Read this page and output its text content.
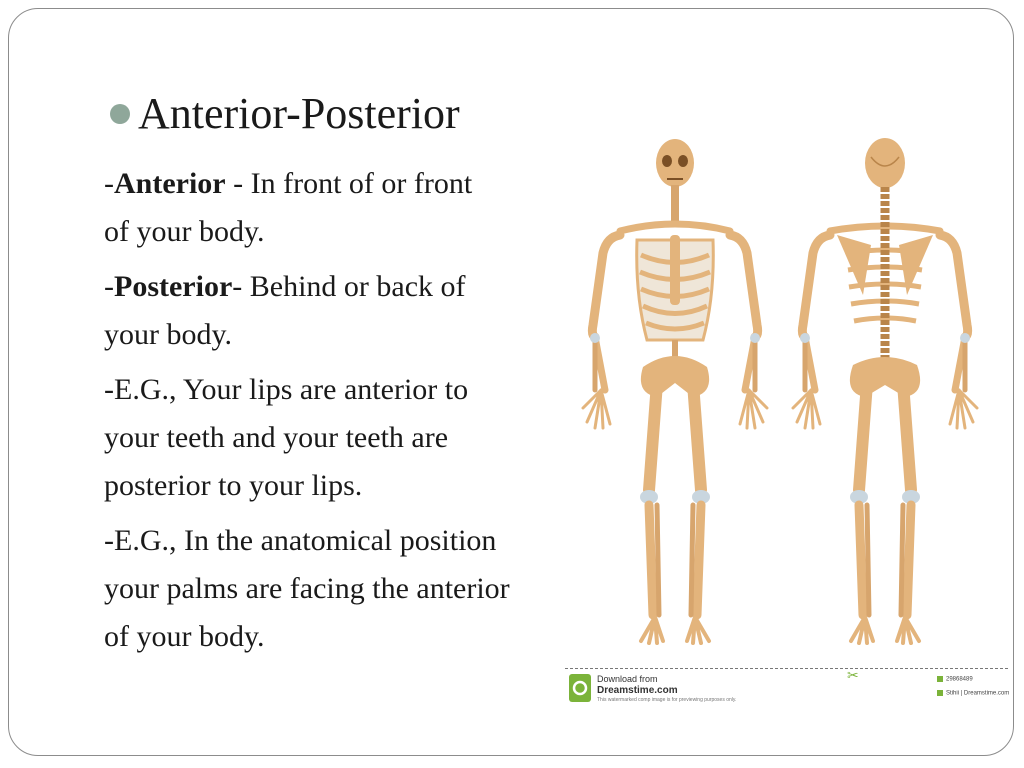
Anterior-Posterior

-Anterior - In front of or front
of your body.

-Posterior- Behind or back of
your body.

-E.G., Your lips are anterior to
your teeth and your teeth are
posterior to your lips.

-E.G., In the anatomical position
your palms are facing the anterior
of your body.

Download from
Dreamstime.com
This watermarked comp image is for previewing purposes only.
✂	29868489
Stihii | Dreamstime.com
